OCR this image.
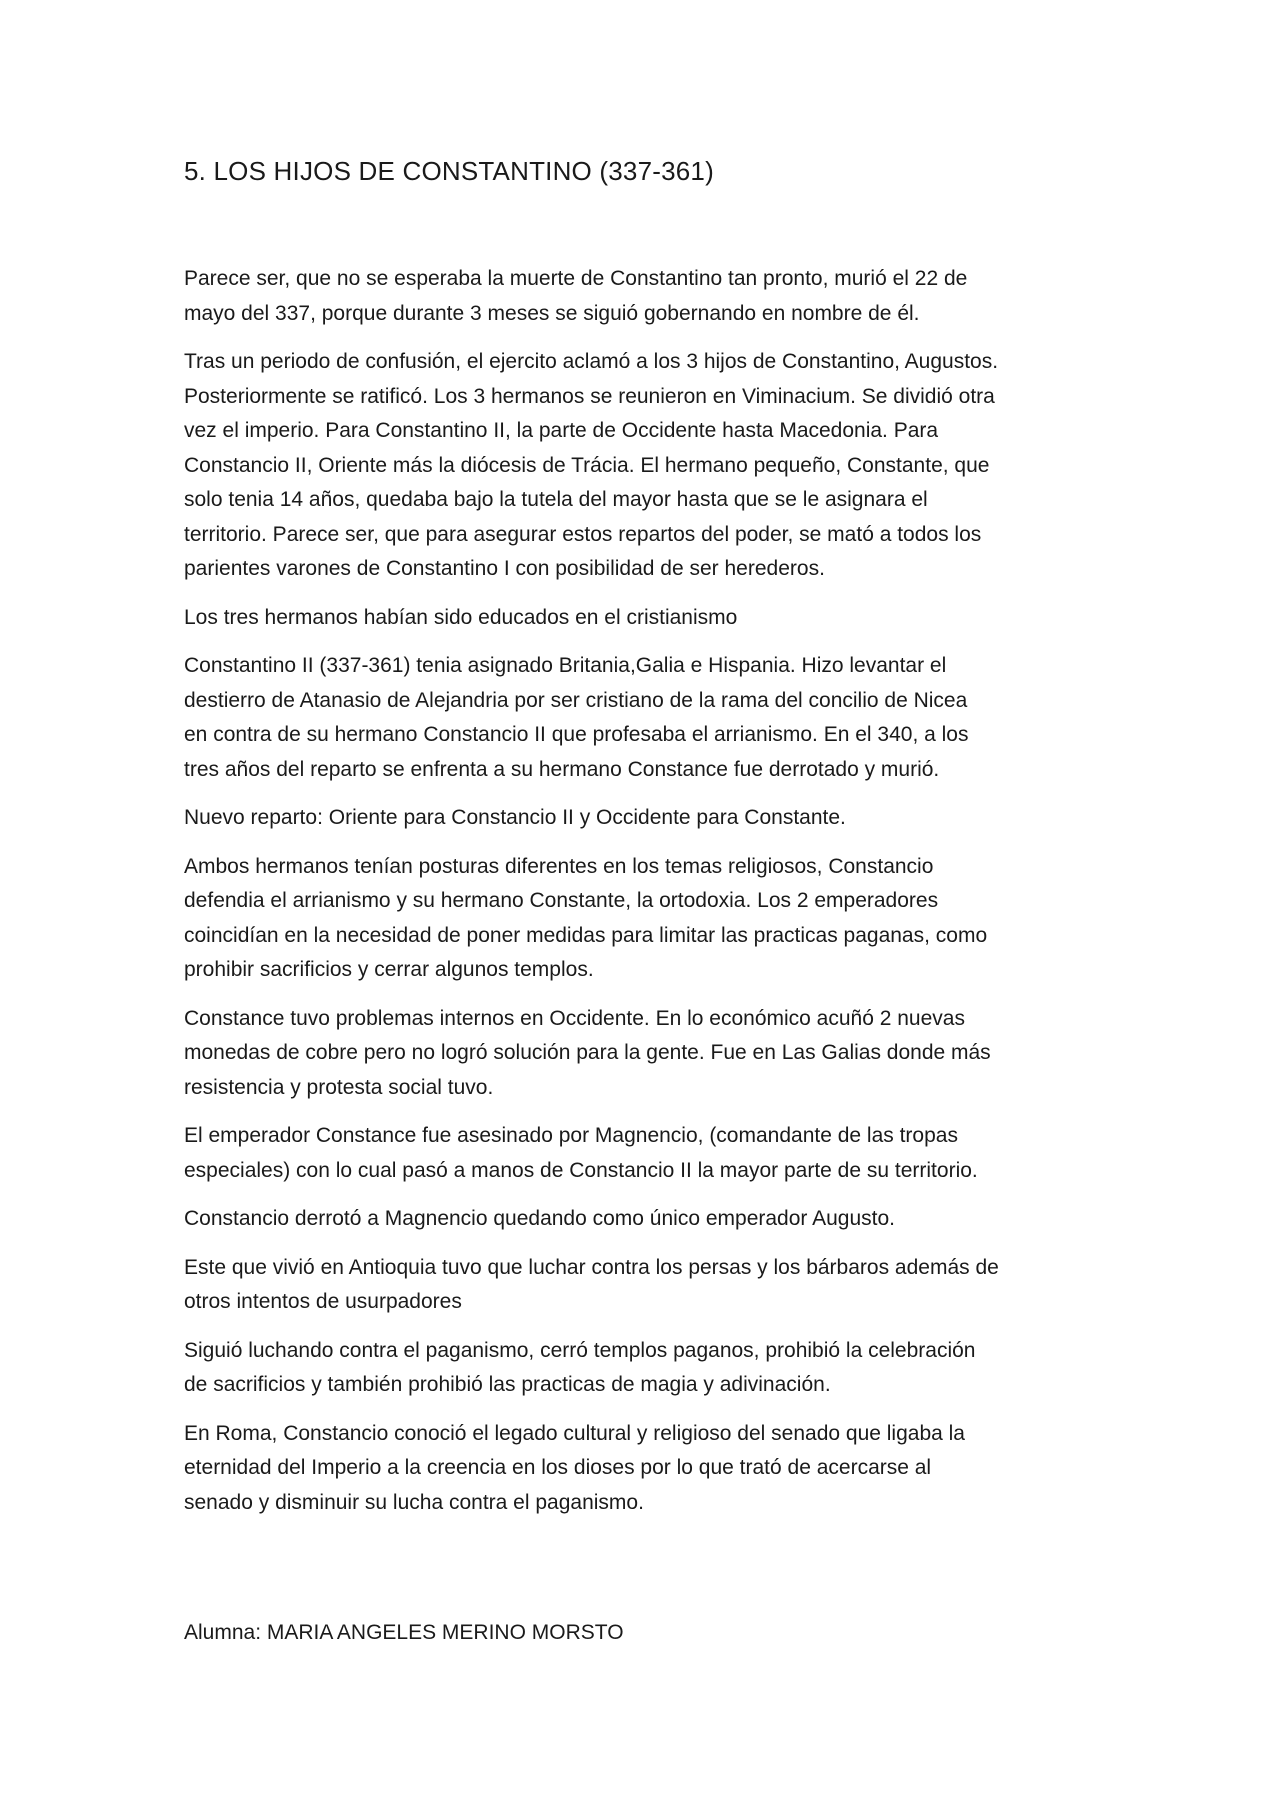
5. LOS HIJOS DE CONSTANTINO (337-361)

Parece ser, que no se esperaba la muerte de Constantino tan pronto, murió el 22 de
mayo del 337, porque durante 3 meses se siguió gobernando en nombre de él.

Tras un periodo de confusión, el ejercito aclamó a los 3 hijos de Constantino, Augustos.
Posteriormente se ratificó. Los 3 hermanos se reunieron en Viminacium. Se dividió otra
vez el imperio. Para Constantino II, la parte de Occidente hasta Macedonia. Para
Constancio II, Oriente más la diócesis de Trácia. El hermano pequeño, Constante, que
solo tenia 14 años, quedaba bajo la tutela del mayor hasta que se le asignara el
territorio. Parece ser, que para asegurar estos repartos del poder, se mató a todos los
parientes varones de Constantino I con posibilidad de ser herederos.

Los tres hermanos habían sido educados en el cristianismo

Constantino II (337-361) tenia asignado Britania,Galia e Hispania. Hizo levantar el
destierro de Atanasio de Alejandria por ser cristiano de la rama del concilio de Nicea
en contra de su hermano Constancio II que profesaba el arrianismo. En el 340, a los
tres años del reparto se enfrenta a su hermano Constance fue derrotado y murió.

Nuevo reparto: Oriente para Constancio II y Occidente para Constante.

Ambos hermanos tenían posturas diferentes en los temas religiosos, Constancio
defendia el arrianismo y su hermano Constante, la ortodoxia. Los 2 emperadores
coincidían en la necesidad de poner medidas para limitar las practicas paganas, como
prohibir sacrificios y cerrar algunos templos.

Constance tuvo problemas internos en Occidente. En lo económico acuñó 2 nuevas
monedas de cobre pero no logró solución para la gente. Fue en Las Galias donde más
resistencia y protesta social tuvo.

El emperador Constance fue asesinado por Magnencio, (comandante de las tropas
especiales) con lo cual pasó a manos de Constancio II la mayor parte de su territorio.

Constancio derrotó a Magnencio quedando como único emperador Augusto.

Este que vivió en Antioquia tuvo que luchar contra los persas y los bárbaros además de
otros intentos de usurpadores

Siguió luchando contra el paganismo, cerró templos paganos, prohibió la celebración
de sacrificios y también prohibió las practicas de magia y adivinación.

En Roma, Constancio conoció el legado cultural y religioso del senado que ligaba la
eternidad del Imperio a la creencia en los dioses por lo que trató de acercarse al
senado y disminuir su lucha contra el paganismo.

Alumna: MARIA ANGELES MERINO MORSTO
